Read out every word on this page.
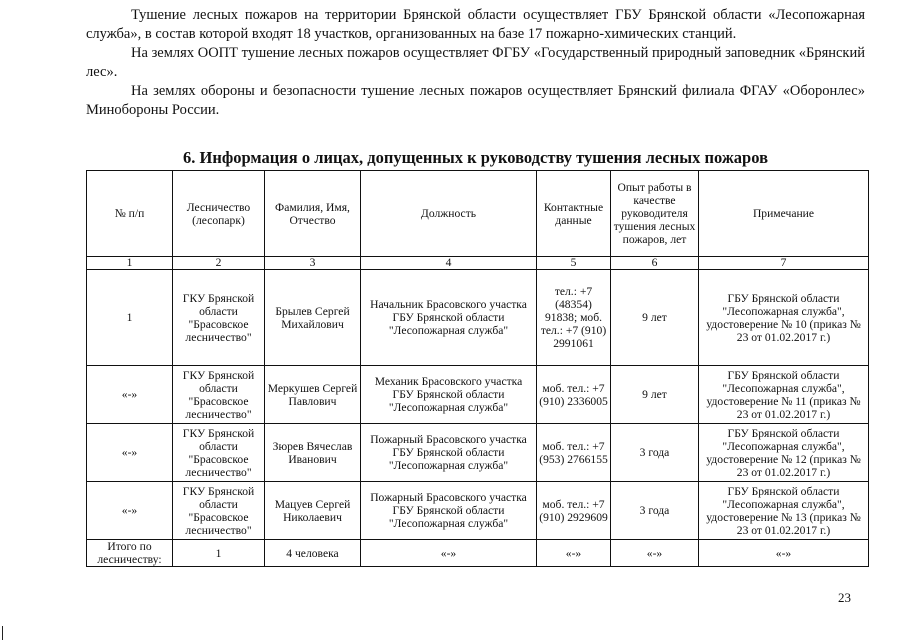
Тушение лесных пожаров на территории Брянской области осуществляет ГБУ Брянской области «Лесопожарная служба», в состав которой входят 18 участков, организованных на базе 17 пожарно-химических станций.

На землях ООПТ тушение лесных пожаров осуществляет ФГБУ «Государственный природный заповедник «Брянский лес».

На землях обороны и безопасности тушение лесных пожаров осуществляет Брянский филиала ФГАУ «Оборонлес» Минобороны России.

6. Информация о лицах, допущенных к руководству тушения лесных пожаров
№ п/п	Лесничество (лесопарк)	Фамилия, Имя, Отчество	Должность	Контактные данные	Опыт работы в качестве руководителя тушения лесных пожаров, лет	Примечание
1	2	3	4	5	6	7
1	ГКУ Брянской области "Брасовское лесничество"	Брылев Сергей Михайлович	Начальник Брасовского участка ГБУ Брянской области "Лесопожарная служба"	тел.: +7 (48354) 91838; моб. тел.: +7 (910) 2991061	9 лет	ГБУ Брянской области "Лесопожарная служба", удостоверение № 10 (приказ № 23 от 01.02.2017 г.)
«-»	ГКУ Брянской области "Брасовское лесничество"	Меркушев Сергей Павлович	Механик Брасовского участка ГБУ Брянской области "Лесопожарная служба"	моб. тел.: +7 (910) 2336005	9 лет	ГБУ Брянской области "Лесопожарная служба", удостоверение № 11 (приказ № 23 от 01.02.2017 г.)
«-»	ГКУ Брянской области "Брасовское лесничество"	Зюрев Вячеслав Иванович	Пожарный Брасовского участка ГБУ Брянской области "Лесопожарная служба"	моб. тел.: +7 (953) 2766155	3 года	ГБУ Брянской области "Лесопожарная служба", удостоверение № 12 (приказ № 23 от 01.02.2017 г.)
«-»	ГКУ Брянской области "Брасовское лесничество"	Мацуев Сергей Николаевич	Пожарный Брасовского участка ГБУ Брянской области "Лесопожарная служба"	моб. тел.: +7 (910) 2929609	3 года	ГБУ Брянской области "Лесопожарная служба", удостоверение № 13 (приказ № 23 от 01.02.2017 г.)
Итого по лесничеству:	1	4 человека	«-»	«-»	«-»	«-»
23
